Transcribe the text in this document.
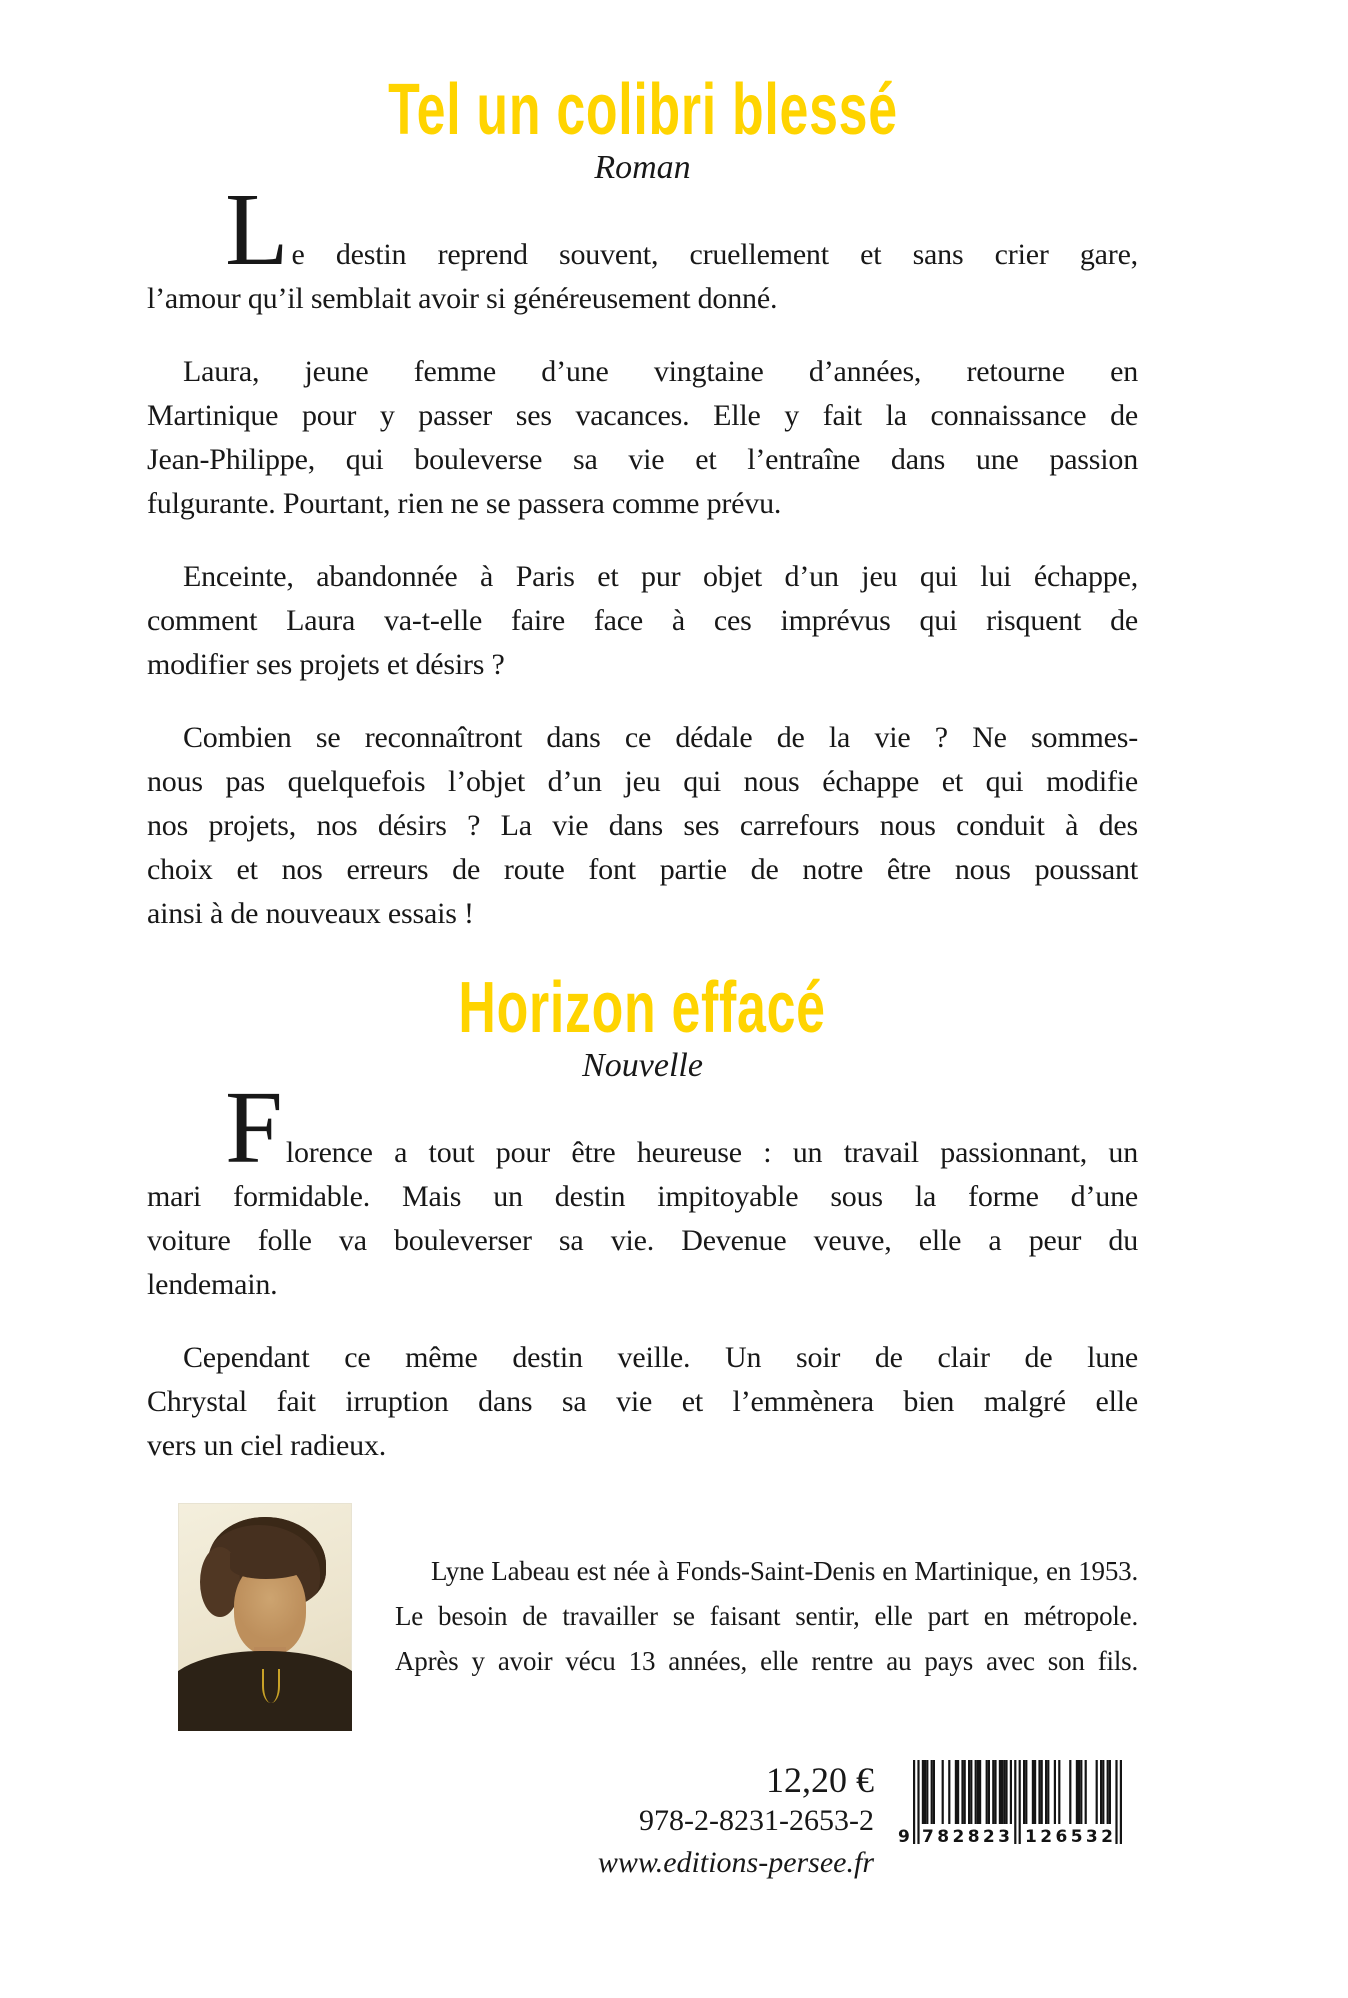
Tel un colibri blessé
Roman
Le destin reprend souvent, cruellement et sans crier gare,
l’amour qu’il semblait avoir si généreusement donné.
Laura, jeune femme d’une vingtaine d’années, retourne en
Martinique pour y passer ses vacances. Elle y fait la connaissance de
Jean-Philippe, qui bouleverse sa vie et l’entraîne dans une passion
fulgurante. Pourtant, rien ne se passera comme prévu.
Enceinte, abandonnée à Paris et pur objet d’un jeu qui lui échappe,
comment Laura va-t-elle faire face à ces imprévus qui risquent de
modifier ses projets et désirs ?
Combien se reconnaîtront dans ce dédale de la vie ? Ne sommes-
nous pas quelquefois l’objet d’un jeu qui nous échappe et qui modifie
nos projets, nos désirs ? La vie dans ses carrefours nous conduit à des
choix et nos erreurs de route font partie de notre être nous poussant
ainsi à de nouveaux essais !
Horizon effacé
Nouvelle
Florence a tout pour être heureuse : un travail passionnant, un
mari formidable. Mais un destin impitoyable sous la forme d’une
voiture folle va bouleverser sa vie. Devenue veuve, elle a peur du
lendemain.
Cependant ce même destin veille. Un soir de clair de lune
Chrystal fait irruption dans sa vie et l’emmènera bien malgré elle
vers un ciel radieux.
Lyne Labeau est née à Fonds-Saint-Denis en Martinique, en 1953.
Le besoin de travailler se faisant sentir, elle part en métropole.
Après y avoir vécu 13 années, elle rentre au pays avec son fils.
12,20 €
978-2-8231-2653-2
www.editions-persee.fr
9 782823 126532
